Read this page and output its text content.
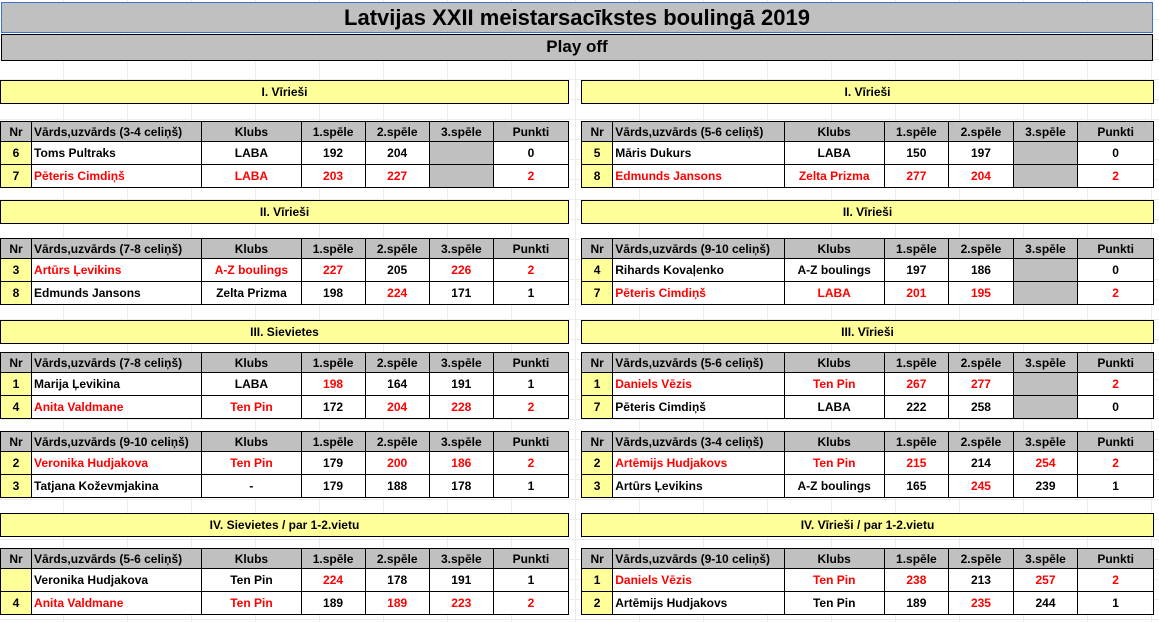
Latvijas XXII meistarsacīkstes boulingā 2019
Play off
I. Vīrieši	I. Vīrieši
II. Vīrieši	II. Vīrieši
III. Sievietes	III. Vīrieši
IV. Sievietes / par 1-2.vietu	IV. Vīrieši / par 1-2.vietu
Nr	Vārds,uzvārds (3-4 celiņš)	Klubs	1.spēle	2.spēle	3.spēle	Punkti
6	Toms Pultraks	LABA	192	204		0
7	Pēteris Cimdiņš	LABA	203	227		2
Nr	Vārds,uzvārds (5-6 celiņš)	Klubs	1.spēle	2.spēle	3.spēle	Punkti
5	Māris Dukurs	LABA	150	197		0
8	Edmunds Jansons	Zelta Prizma	277	204		2
Nr	Vārds,uzvārds (7-8 celiņš)	Klubs	1.spēle	2.spēle	3.spēle	Punkti
3	Artūrs Ļevikins	A-Z boulings	227	205	226	2
8	Edmunds Jansons	Zelta Prizma	198	224	171	1
Nr	Vārds,uzvārds (9-10 celiņš)	Klubs	1.spēle	2.spēle	3.spēle	Punkti
4	Rihards Kovaļenko	A-Z boulings	197	186		0
7	Pēteris Cimdiņš	LABA	201	195		2
Nr	Vārds,uzvārds (7-8 celiņš)	Klubs	1.spēle	2.spēle	3.spēle	Punkti
1	Marija Ļevikina	LABA	198	164	191	1
4	Anita Valdmane	Ten Pin	172	204	228	2
Nr	Vārds,uzvārds (5-6 celiņš)	Klubs	1.spēle	2.spēle	3.spēle	Punkti
1	Daniels Vēzis	Ten Pin	267	277		2
7	Pēteris Cimdiņš	LABA	222	258		0
Nr	Vārds,uzvārds (9-10 celiņš)	Klubs	1.spēle	2.spēle	3.spēle	Punkti
2	Veronika Hudjakova	Ten Pin	179	200	186	2
3	Tatjana Koževmjakina	-	179	188	178	1
Nr	Vārds,uzvārds (3-4 celiņš)	Klubs	1.spēle	2.spēle	3.spēle	Punkti
2	Artēmijs Hudjakovs	Ten Pin	215	214	254	2
3	Artūrs Ļevikins	A-Z boulings	165	245	239	1
Nr	Vārds,uzvārds (5-6 celiņš)	Klubs	1.spēle	2.spēle	3.spēle	Punkti
	Veronika Hudjakova	Ten Pin	224	178	191	1
4	Anita Valdmane	Ten Pin	189	189	223	2
Nr	Vārds,uzvārds (9-10 celiņš)	Klubs	1.spēle	2.spēle	3.spēle	Punkti
1	Daniels Vēzis	Ten Pin	238	213	257	2
2	Artēmijs Hudjakovs	Ten Pin	189	235	244	1
